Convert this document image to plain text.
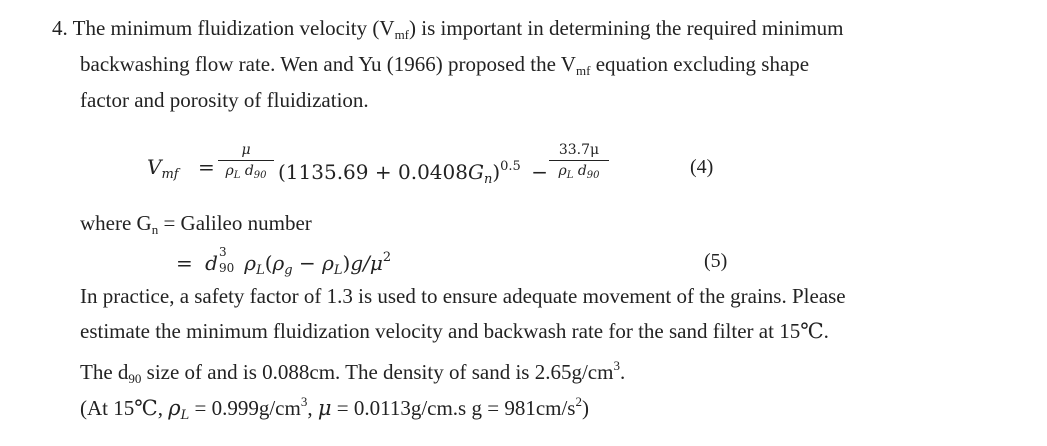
4. The minimum fluidization velocity $(V_{mf})$ is important in determining the required minimum
backwashing flow rate. Wen and Yu (1966) proposed the $V_{mf}$ equation excluding shape
factor and porosity of fluidization.
$V_{mf}$ =
μ
$\rho_L$ $d_{90}$ $(1135.69 + 0.0408G_n)^{0.5}$ −
33.7μ
$\rho_L$ $d_{90}$	(4)
where $G_n$ = Galileo number
= d 3
90 $\rho_L(\rho_g - \rho_L)g/\mu^2$	(5)
In practice, a safety factor of 1.3 is used to ensure adequate movement of the grains. Please
estimate the minimum fluidization velocity and backwash rate for the sand filter at 15℃.
The $d_{90}$ size of and is 0.088cm. The density of sand is $2.65g/cm^3$.
(At 15℃, $\rho_L = 0.999g/cm^3$, μ = 0.0113g/cm.s $g = 981cm/s^2$)
